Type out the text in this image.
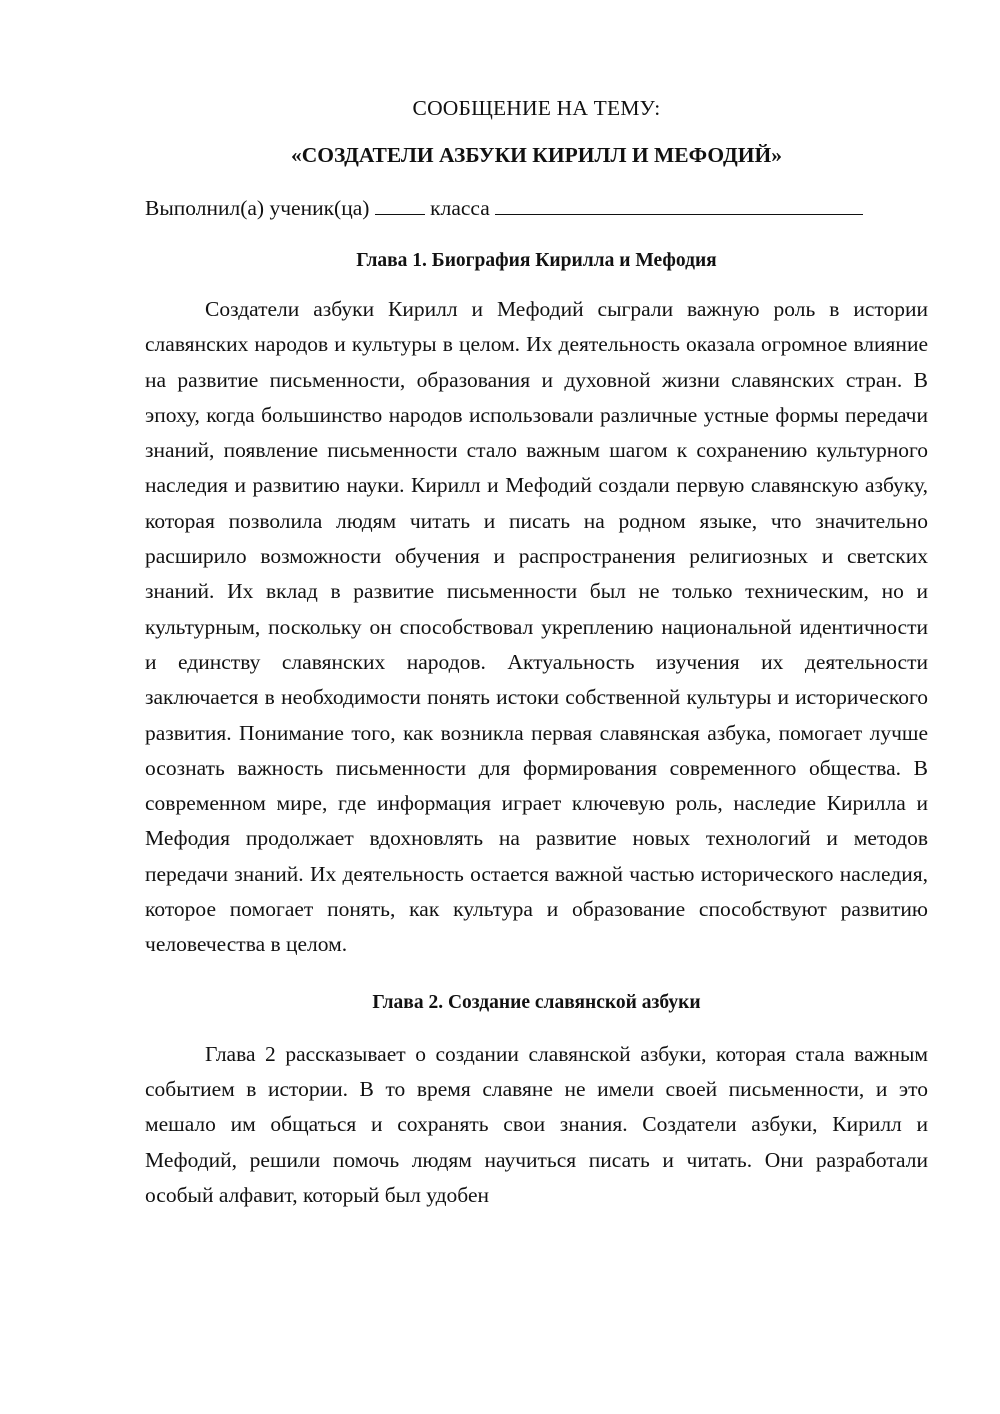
СООБЩЕНИЕ НА ТЕМУ:

«СОЗДАТЕЛИ АЗБУКИ КИРИЛЛ И МЕФОДИЙ»

Выполнил(а) ученик(ца)	класса

Глава 1. Биография Кирилла и Мефодия

Создатели азбуки Кирилл и Мефодий сыграли важную роль в истории славянских народов и культуры в целом. Их деятельность оказала огромное влияние на развитие письменности, образования и духовной жизни славянских стран. В эпоху, когда большинство народов использовали различные устные формы передачи знаний, появление письменности стало важным шагом к сохранению культурного наследия и развитию науки. Кирилл и Мефодий создали первую славянскую азбуку, которая позволила людям читать и писать на родном языке, что значительно расширило возможности обучения и распространения религиозных и светских знаний. Их вклад в развитие письменности был не только техническим, но и культурным, поскольку он способствовал укреплению национальной идентичности и единству славянских народов. Актуальность изучения их деятельности заключается в необходимости понять истоки собственной культуры и исторического развития. Понимание того, как возникла первая славянская азбука, помогает лучше осознать важность письменности для формирования современного общества. В современном мире, где информация играет ключевую роль, наследие Кирилла и Мефодия продолжает вдохновлять на развитие новых технологий и методов передачи знаний. Их деятельность остается важной частью исторического наследия, которое помогает понять, как культура и образование способствуют развитию человечества в целом.

Глава 2. Создание славянской азбуки

Глава 2 рассказывает о создании славянской азбуки, которая стала важным событием в истории. В то время славяне не имели своей письменности, и это мешало им общаться и сохранять свои знания. Создатели азбуки, Кирилл и Мефодий, решили помочь людям научиться писать и читать. Они разработали особый алфавит, который был удобен
